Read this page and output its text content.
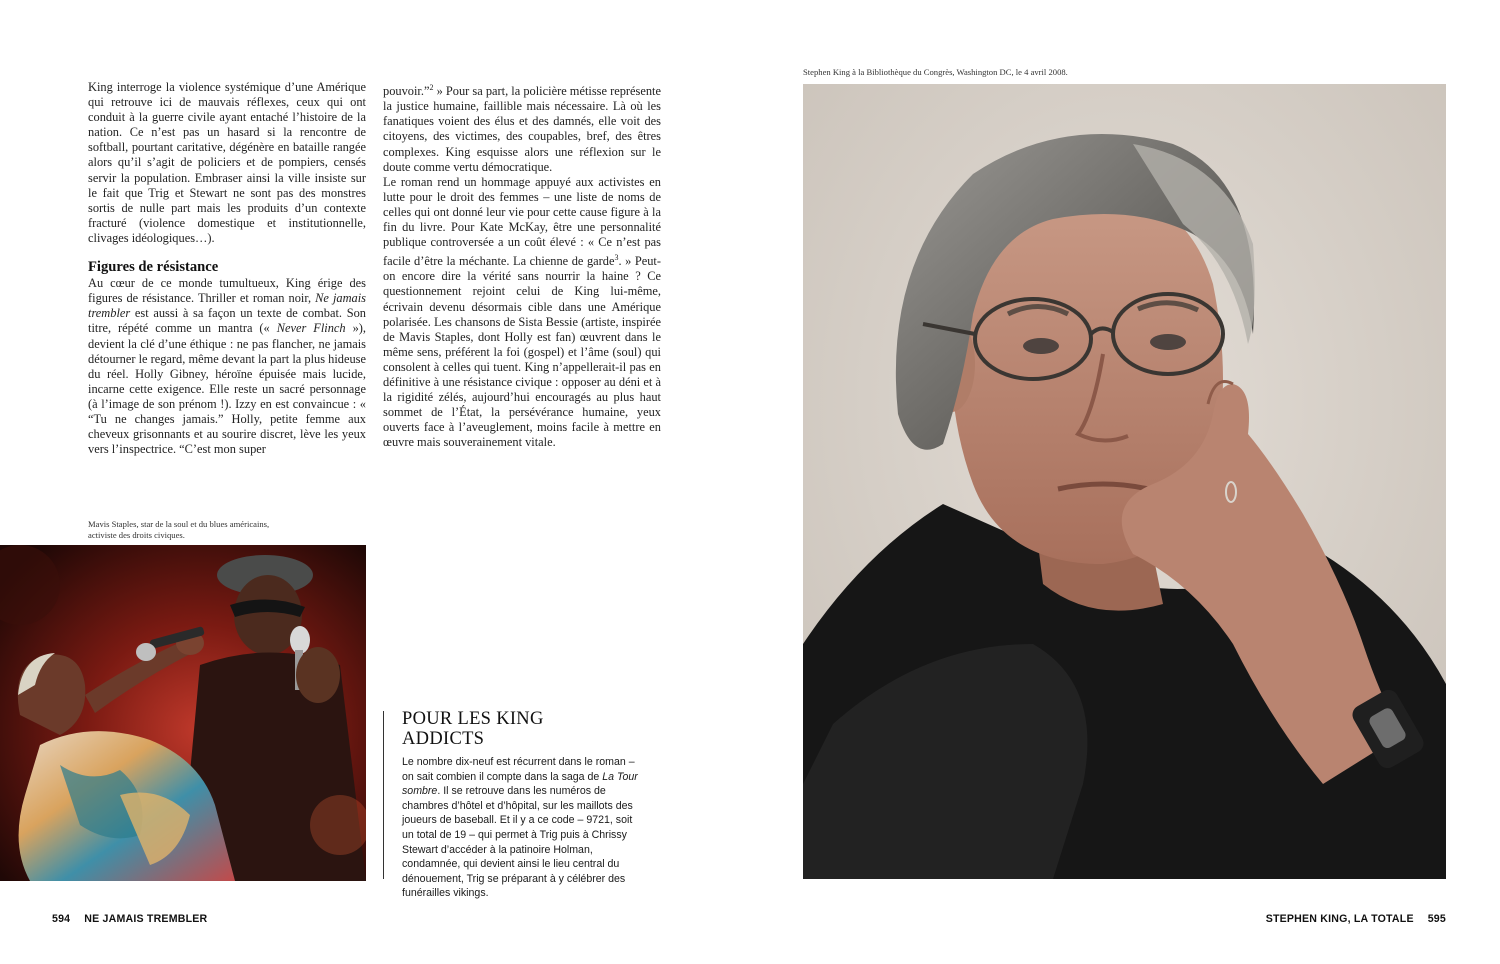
King interroge la violence systémique d’une Amérique qui retrouve ici de mauvais réflexes, ceux qui ont conduit à la guerre civile ayant entaché l’histoire de la nation. Ce n’est pas un hasard si la rencontre de softball, pourtant caritative, dégénère en bataille rangée alors qu’il s’agit de policiers et de pompiers, censés servir la population. Embraser ainsi la ville insiste sur le fait que Trig et Stewart ne sont pas des monstres sortis de nulle part mais les produits d’un contexte fracturé (violence domestique et institutionnelle, clivages idéologiques…).

Figures de résistance

Au cœur de ce monde tumultueux, King érige des figures de résistance. Thriller et roman noir, Ne jamais trembler est aussi à sa façon un texte de combat. Son titre, répété comme un mantra (« Never Flinch »), devient la clé d’une éthique : ne pas flancher, ne jamais détourner le regard, même devant la part la plus hideuse du réel. Holly Gibney, héroïne épuisée mais lucide, incarne cette exigence. Elle reste un sacré personnage (à l’image de son prénom !). Izzy en est convaincue : « “Tu ne changes jamais.” Holly, petite femme aux cheveux grisonnants et au sourire discret, lève les yeux vers l’inspectrice. “C’est mon super

pouvoir.”$^2$ » Pour sa part, la policière métisse représente la justice humaine, faillible mais nécessaire. Là où les fanatiques voient des élus et des damnés, elle voit des citoyens, des victimes, des coupables, bref, des êtres complexes. King esquisse alors une réflexion sur le doute comme vertu démocratique.

Le roman rend un hommage appuyé aux activistes en lutte pour le droit des femmes – une liste de noms de celles qui ont donné leur vie pour cette cause figure à la fin du livre. Pour Kate McKay, être une personnalité publique controversée a un coût élevé : « Ce n’est pas facile d’être la méchante. La chienne de garde$^3$. » Peut-on encore dire la vérité sans nourrir la haine ? Ce questionnement rejoint celui de King lui-même, écrivain devenu désormais cible dans une Amérique polarisée. Les chansons de Sista Bessie (artiste, inspirée de Mavis Staples, dont Holly est fan) œuvrent dans le même sens, préférent la foi (gospel) et l’âme (soul) qui consolent à celles qui tuent. King n’appellerait-il pas en définitive à une résistance civique : opposer au déni et à la rigidité zélés, aujourd’hui encouragés au plus haut sommet de l’État, la persévérance humaine, yeux ouverts face à l’aveuglement, moins facile à mettre en œuvre mais souverainement vitale.

Mavis Staples, star de la soul et du blues américains,
activiste des droits civiques.
POUR LES KING
ADDICTS

Le nombre dix-neuf est récurrent dans le roman – on sait combien il compte dans la saga de La Tour sombre. Il se retrouve dans les numéros de chambres d’hôtel et d’hôpital, sur les maillots des joueurs de baseball. Et il y a ce code – 9721, soit un total de 19 – qui permet à Trig puis à Chrissy Stewart d’accéder à la patinoire Holman, condamnée, qui devient ainsi le lieu central du dénouement, Trig se préparant à y célébrer des funérailles vikings.

594 NE JAMAIS TREMBLER
Stephen King à la Bibliothèque du Congrès, Washington DC, le 4 avril 2008.
STEPHEN KING, LA TOTALE 595
